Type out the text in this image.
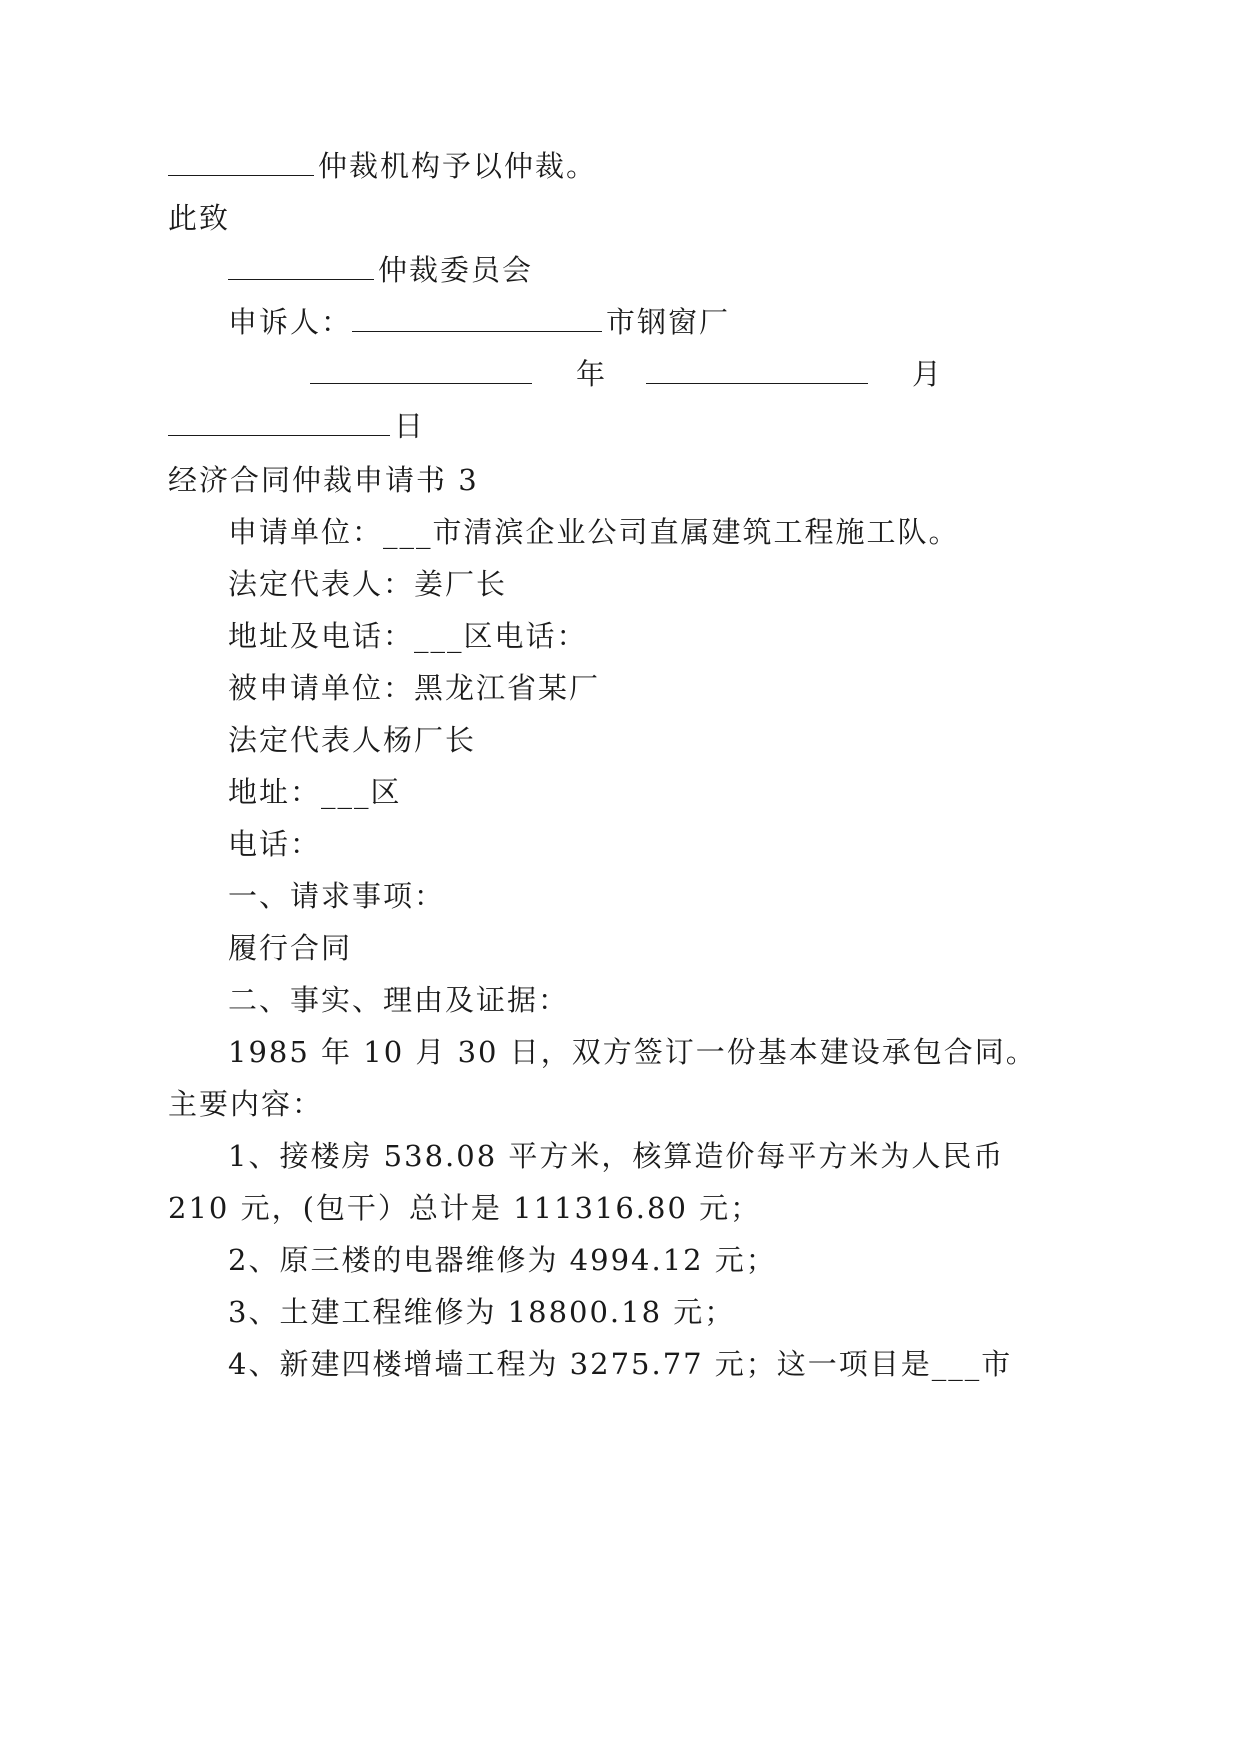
仲裁机构予以仲裁。
此致
仲裁委员会
申诉人：	市钢窗厂
年	月
日
经济合同仲裁申请书 3
申请单位：___市清滨企业公司直属建筑工程施工队。
法定代表人：姜厂长
地址及电话：___区电话：
被申请单位：黑龙江省某厂
法定代表人杨厂长
地址：___区
电话：
一、请求事项：
履行合同
二、事实、理由及证据：
1985 年 10 月 30 日，双方签订一份基本建设承包合同。
主要内容：
1、接楼房 538.08 平方米，核算造价每平方米为人民币
210 元，(包干）总计是 111316.80 元；
2、原三楼的电器维修为 4994.12 元；
3、土建工程维修为 18800.18 元；
4、新建四楼增墙工程为 3275.77 元；这一项目是___市
